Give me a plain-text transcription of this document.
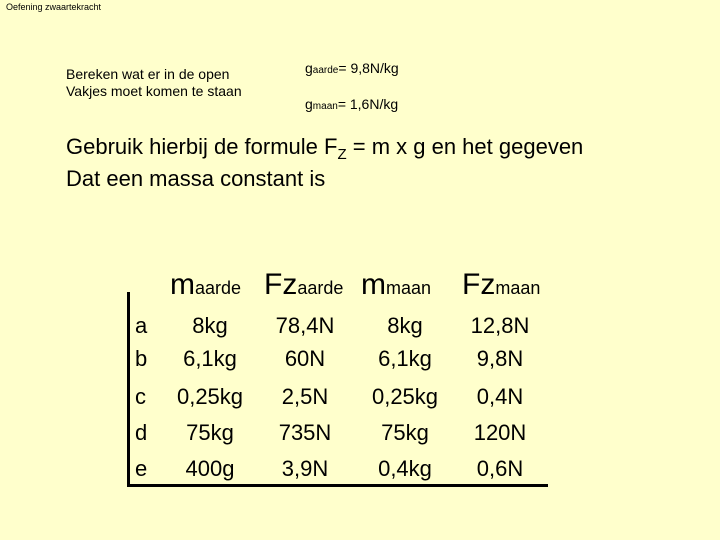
Oefening zwaartekracht
Bereken wat er in de open
Vakjes moet komen te staan
gaarde= 9,8N/kg
gmaan= 1,6N/kg
Gebruik hierbij de formule $F_Z = m$ x g en het gegeven
Dat een massa constant is
maarde Fzaarde mmaan Fzmaan
a 8kg 78,4N 8kg 12,8N
b 6,1kg 60N 6,1kg 9,8N
c 0,25kg 2,5N 0,25kg 0,4N
d 75kg 735N 75kg 120N
e 400g 3,9N 0,4kg 0,6N
